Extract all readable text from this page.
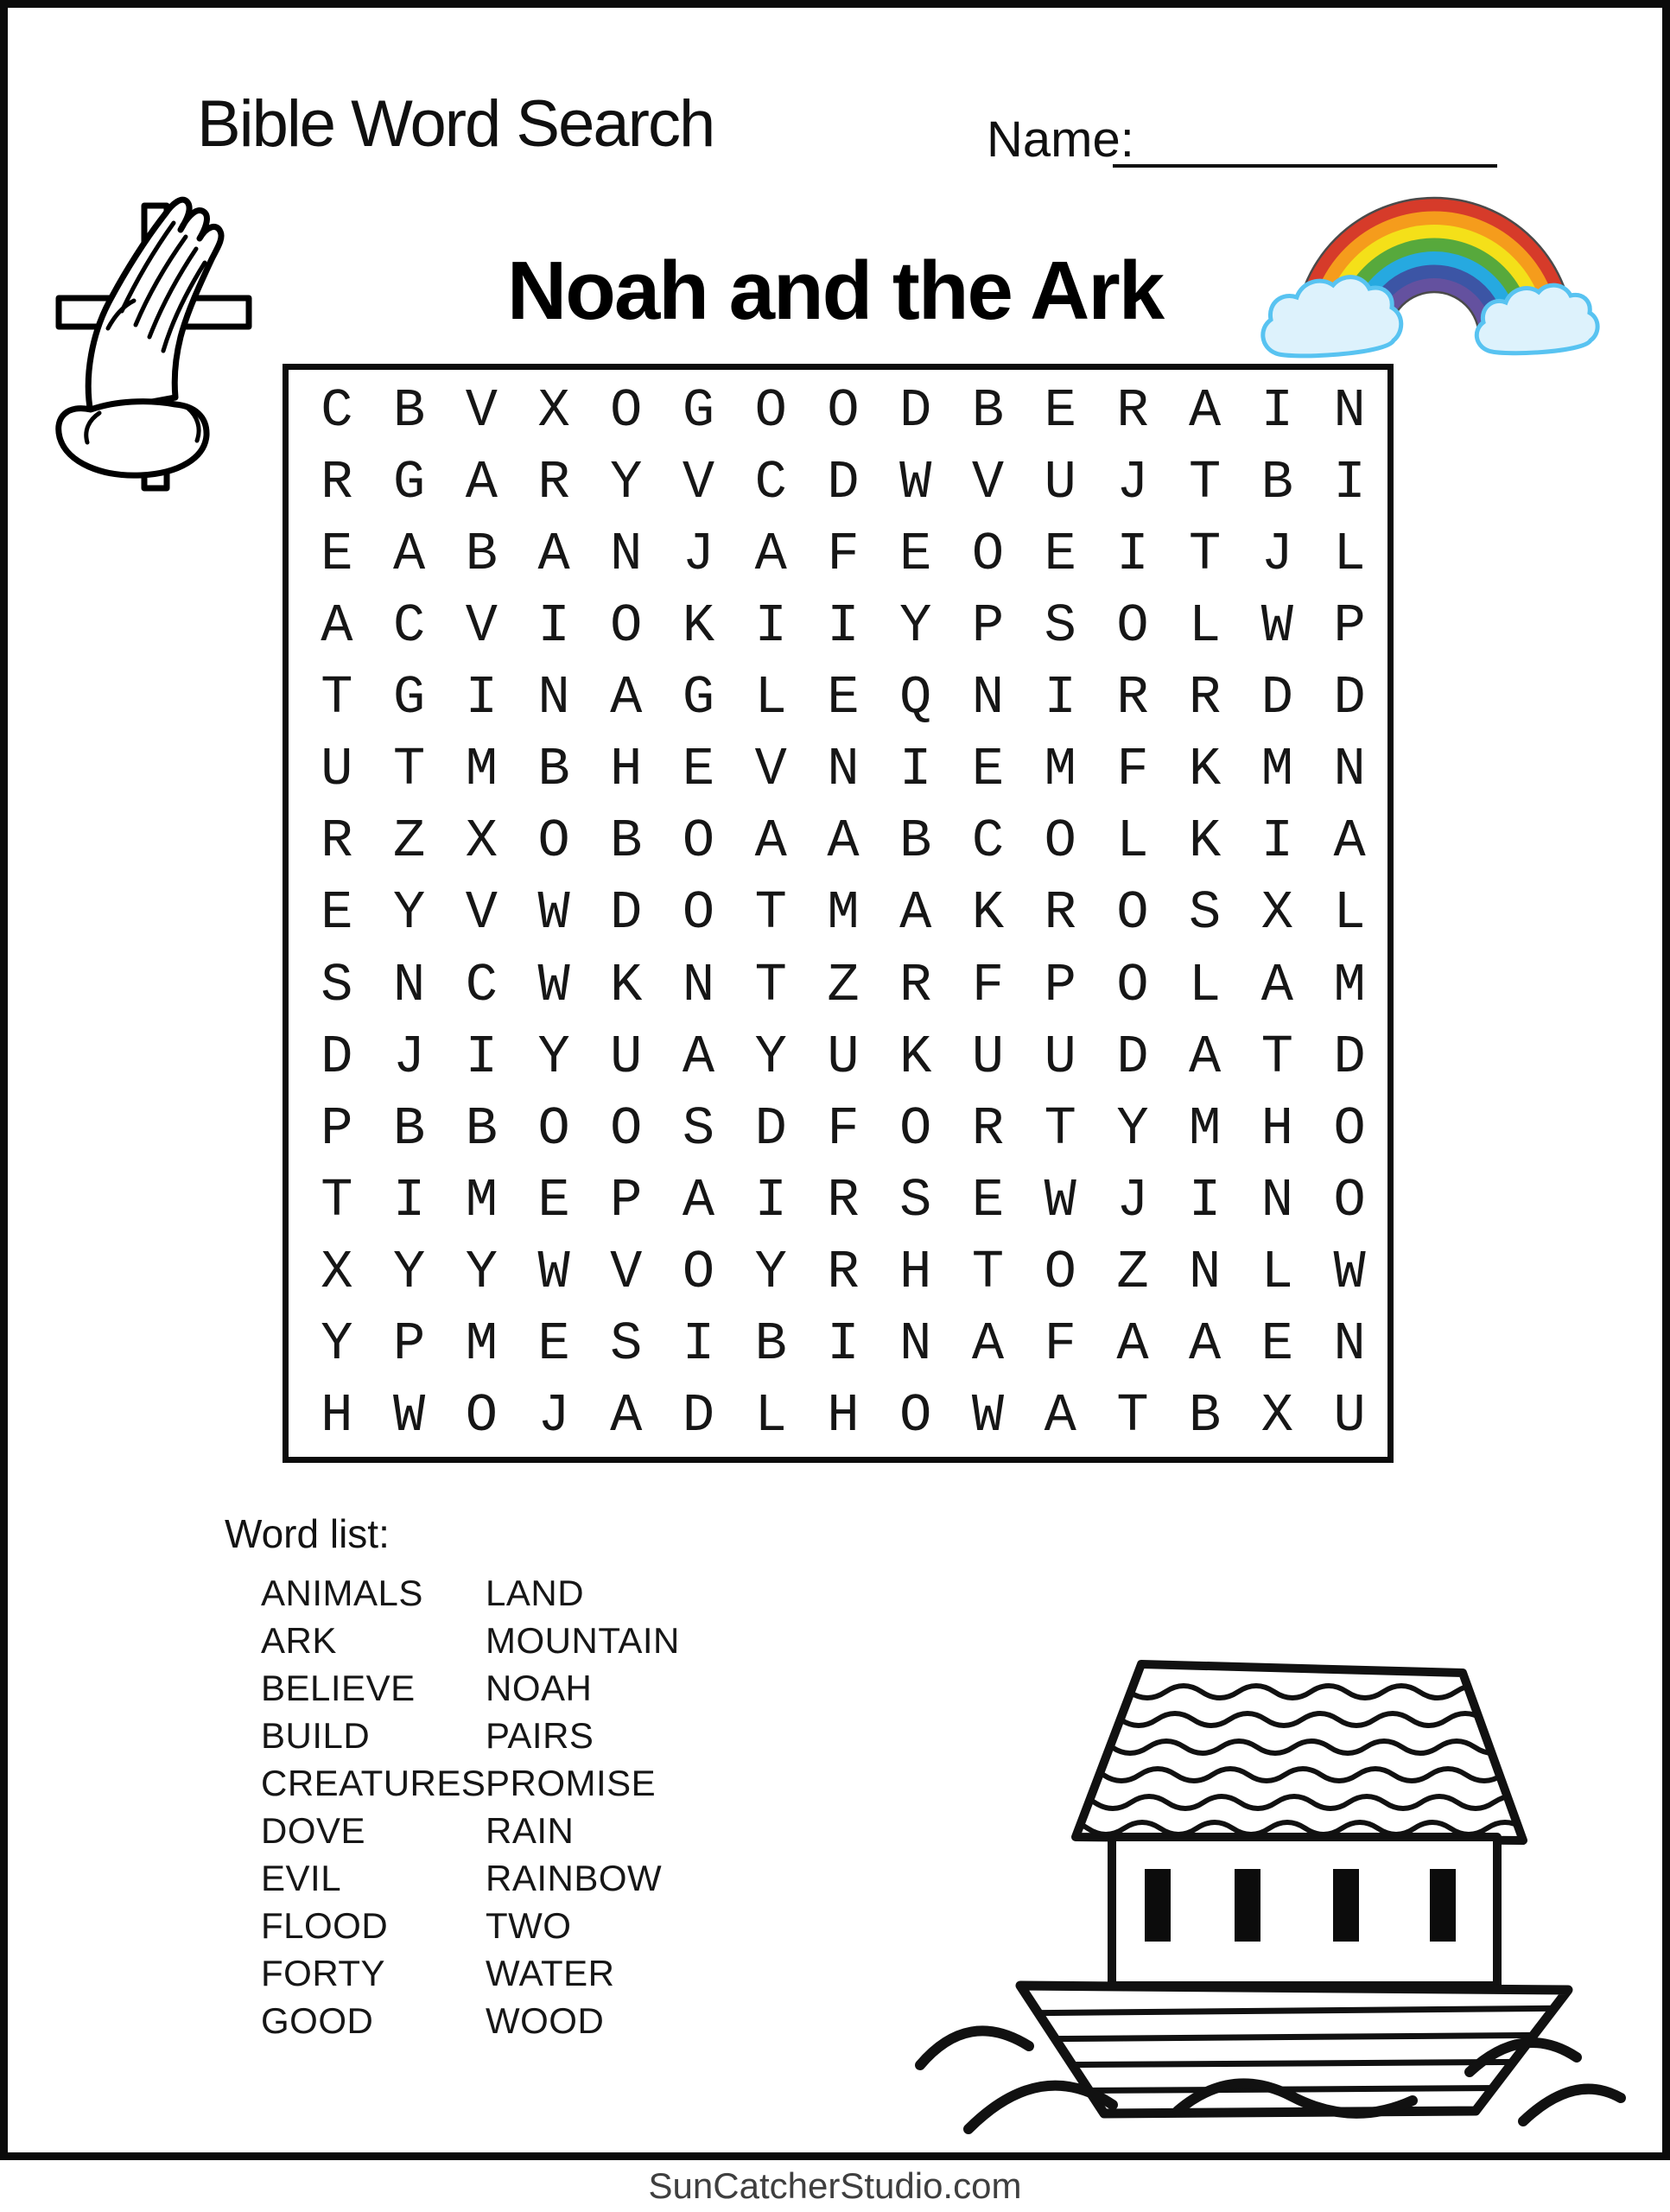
Bible Word Search	Name:
Noah and the Ark
C B V X O G O O D B E R A I N
R G A R Y V C D W V U J T B I
E A B A N J A F E O E I T J L
A C V I O K I I Y P S O L W P
T G I N A G L E Q N I R R D D
U T M B H E V N I E M F K M N
R Z X O B O A A B C O L K I A
E Y V W D O T M A K R O S X L
S N C W K N T Z R F P O L A M
D J I Y U A Y U K U U D A T D
P B B O O S D F O R T Y M H O
T I M E P A I R S E W J I N O
X Y Y W V O Y R H T O Z N L W
Y P M E S I B I N A F A A E N
H W O J A D L H O W A T B X U
Word list:
ANIMALS
ARK
BELIEVE
BUILD
CREATURES
DOVE
EVIL
FLOOD
FORTY
GOOD
LAND
MOUNTAIN
NOAH
PAIRS
PROMISE
RAIN
RAINBOW
TWO
WATER
WOOD
SunCatcherStudio.com
